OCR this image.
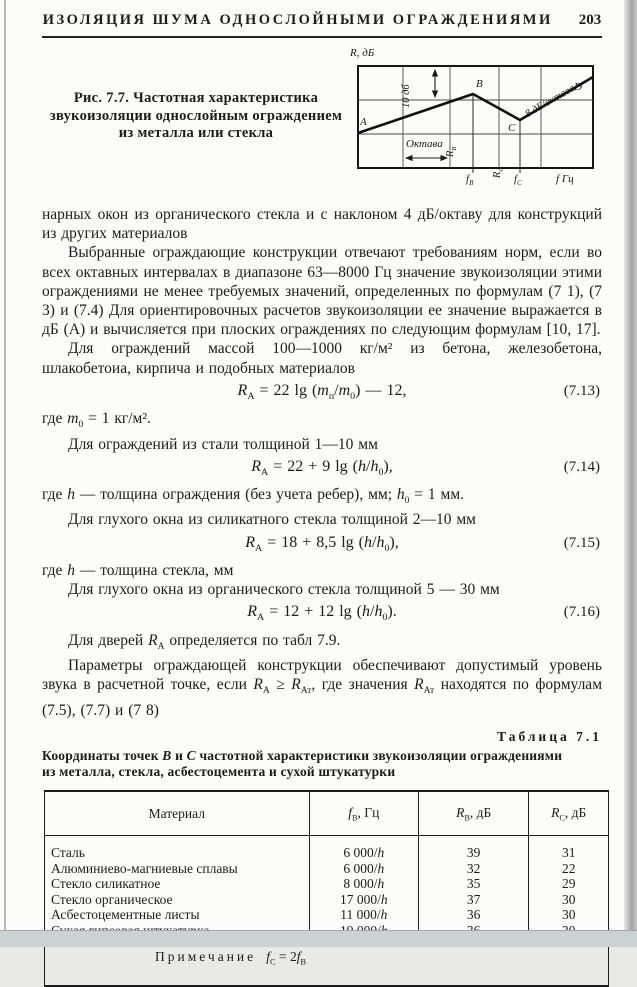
ИЗОЛЯЦИЯ ШУМА ОДНОСЛОЙНЫМИ ОГРАЖДЕНИЯМИ 203
Рис. 7.7. Частотная характеристика звукоизоляции однослойным ограждением из металла или стекла
R, дБ
10 дб
Октава
A
B
C
D
$R_B$
$R_C$
8 дБ/октава
$f_B$	$f_C$	f Гц

нарных окон из органического стекла и с наклоном 4 дБ/октаву для конструкций из других материалов

Выбранные ограждающие конструкции отвечают требованиям норм, если во всех октавных интервалах в диапазоне 63—8000 Гц значение звукоизоляции этими ограждениями не менее требуемых значений, определенных по формулам (7 1), (7 3) и (7.4) Для ориентировочных расчетов звукоизоляции ее значение выражается в дБ (А) и вычисляется при плоских ограждениях по следующим формулам [10, 17].

Для ограждений массой 100—1000 кг/м² из бетона, железобетона, шлакобетоиа, кирпича и подобных материалов

$R_А = 22$ $\lg (m_п/m_0)$ — 12,	(7.13)

где $m_0 = 1$ кг/м².

Для ограждений из стали толщиной 1—10 мм

$R_А = 22 + 9$ $\lg (h/h_0)$,	(7.14)

где h — толщина ограждения (без учета ребер), мм; $h_0 = 1$ мм.

Для глухого окна из силикатного стекла толщиной 2—10 мм

$R_А = 18 + 8,5$ $\lg (h/h_0)$,	(7.15)

где h — толщина стекла, мм

Для глухого окна из органического стекла толщиной 5 — 30 мм

$R_А = 12 + 12$ $\lg (h/h_0)$.	(7.16)

Для дверей $R_А$ определяется по табл 7.9.

Параметры ограждающей конструкции обеспечивают допустимый уровень звука в расчетной точке, если $R_А \ge R_{Ат}$, где значения $R_{Ат}$ находятся по формулам (7.5), (7.7) и (7 8)

Таблица 7.1
Координаты точек B и C частотной характеристики звукоизоляции ограждениями из металла, стекла, асбестоцемента и сухой штукатурки
Материал	$f_B$, Гц	$R_B$, дБ	$R_C$, дБ
Сталь	6 000/h	39	31
Алюминиево-магниевые сплавы	6 000/h	32	22
Стекло силикатное	8 000/h	35	29
Стекло органическое	17 000/h	37	30
Асбестоцементные листы	11 000/h	36	30

Примечание $f_C = 2f_B$
